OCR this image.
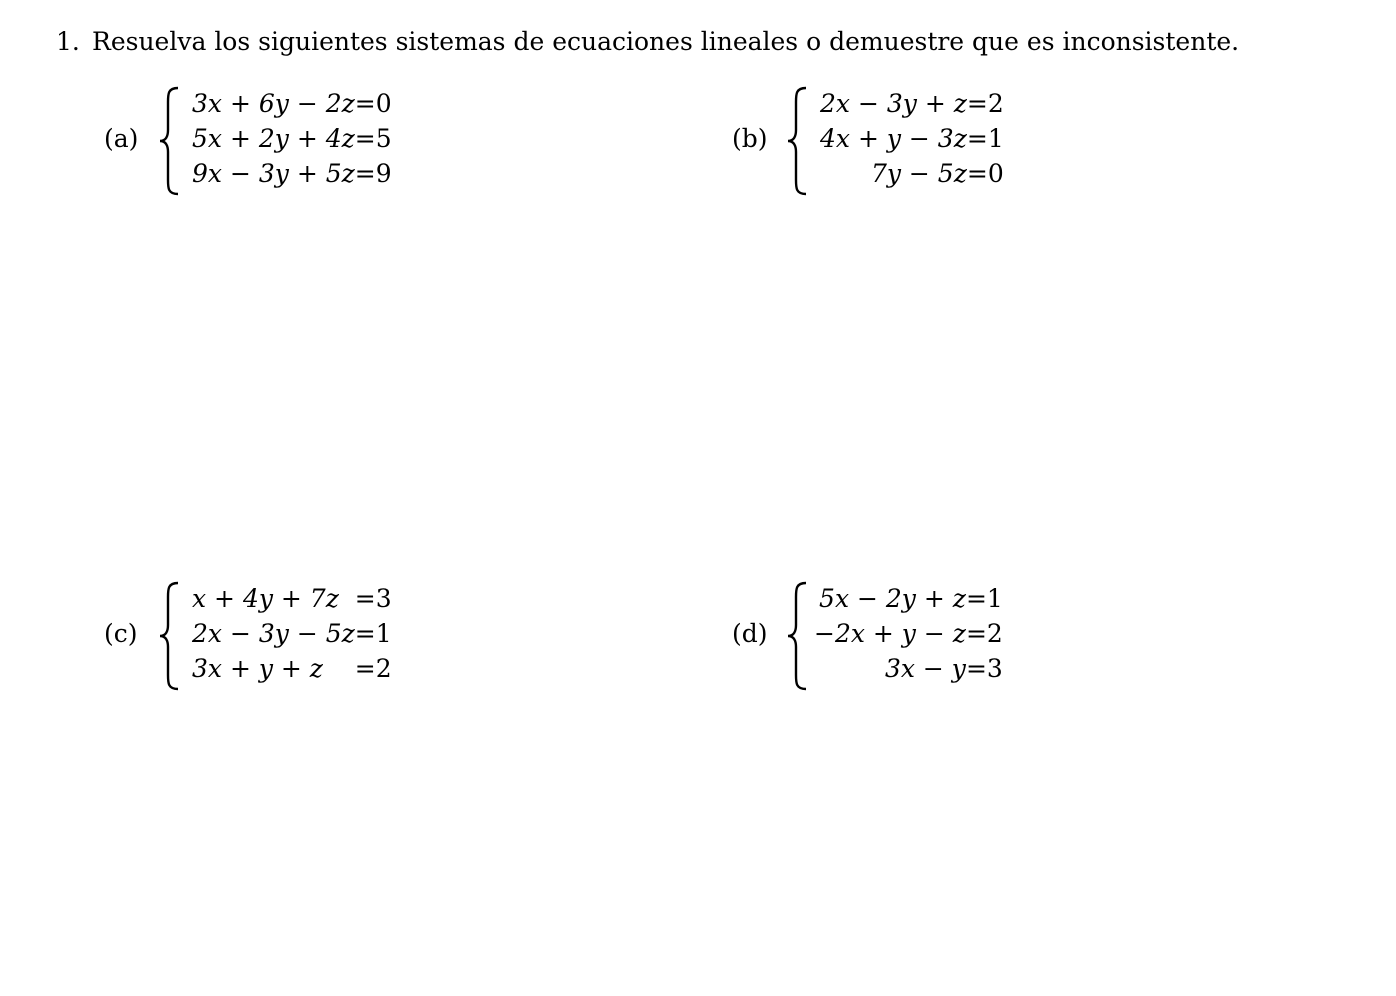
1. Resuelva los siguientes sistemas de ecuaciones lineales o demuestre que es inconsistente.
(a)
3x + 6y − 2z	=	0
5x + 2y + 4z	=	5
9x − 3y + 5z	=	9
(b)
2x − 3y + z	=	2
4x + y − 3z	=	1
7y − 5z	=	0
(c)
x + 4y + 7z	=	3
2x − 3y − 5z	=	1
3x + y + z	=	2
(d)
5x − 2y + z	=	1
−2x + y − z	=	2
3x − y	=	3
